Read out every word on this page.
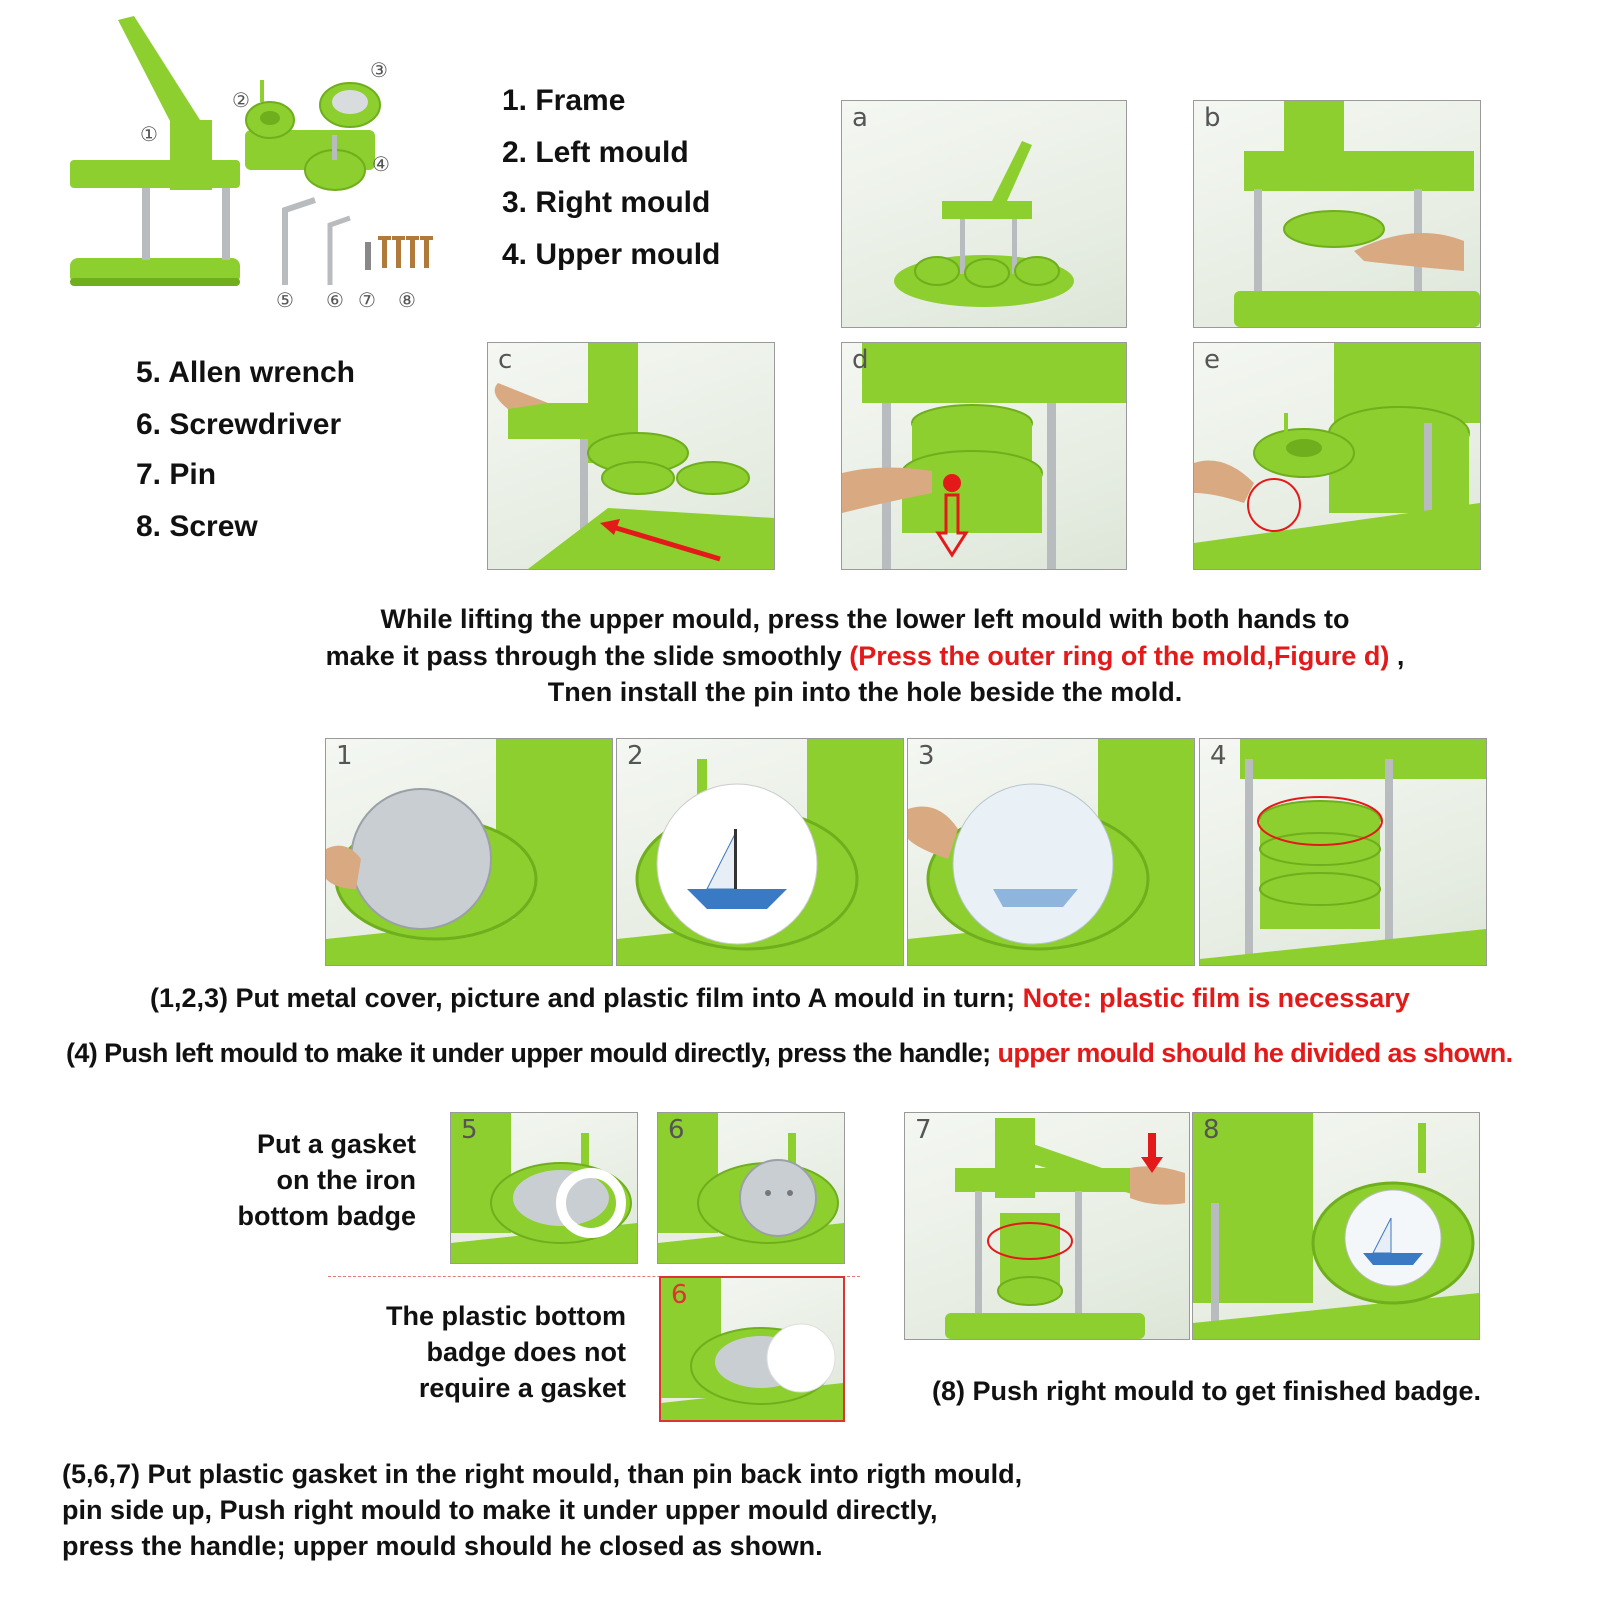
①
②
③
④
⑤ ⑥ ⑦ ⑧
1. Frame
2. Left mould
3. Right mould
4. Upper mould
5. Allen wrench
6. Screwdriver
7. Pin
8. Screw
a	b
c	d	e
While lifting the upper mould, press the lower left mould with both hands to
make it pass through the slide smoothly (Press the outer ring of the mold,Figure d) ,
Tnen install the pin into the hole beside the mold.
1	2	3	4
(1,2,3) Put metal cover, picture and plastic film into A mould in turn; Note: plastic film is necessary
(4) Push left mould to make it under upper mould directly, press the handle; upper mould should he divided as shown.
Put a gasket
on the iron
bottom badge
5	6
The plastic bottom
badge does not
require a gasket
6
7	8
(8) Push right mould to get finished badge.
(5,6,7) Put plastic gasket in the right mould, than pin back into rigth mould,
pin side up, Push right mould to make it under upper mould directly,
press the handle; upper mould should he closed as shown.
